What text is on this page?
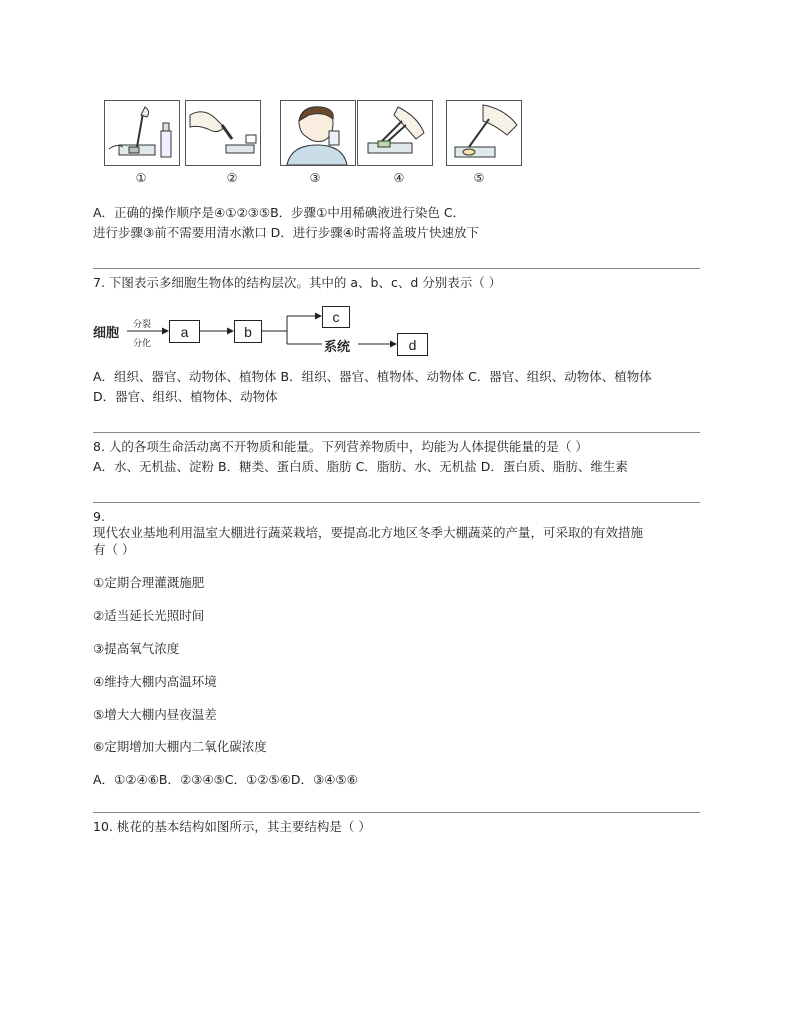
①	②	③	④	⑤
A．正确的操作顺序是④①②③⑤B．步骤①中用稀碘液进行染色 C．
进行步骤③前不需要用清水漱口 D．进行步骤④时需将盖玻片快速放下
7. 下图表示多细胞生物体的结构层次。其中的 a、b、c、d 分别表示（ ）
细胞
分裂
分化
a	b
c
系统	d
A．组织、器官、动物体、植物体 B．组织、器官、植物体、动物体 C．器官、组织、动物体、植物体
D．器官、组织、植物体、动物体
8. 人的各项生命活动离不开物质和能量。下列营养物质中，均能为人体提供能量的是（ ）
A．水、无机盐、淀粉 B．糖类、蛋白质、脂肪 C．脂肪、水、无机盐 D．蛋白质、脂肪、维生素
9.
现代农业基地利用温室大棚进行蔬菜栽培，要提高北方地区冬季大棚蔬菜的产量，可采取的有效措施
有（ ）
①定期合理灌溉施肥
②适当延长光照时间
③提高氧气浓度
④维持大棚内高温环境
⑤增大大棚内昼夜温差
⑥定期增加大棚内二氧化碳浓度
A．①②④⑥B．②③④⑤C．①②⑤⑥D．③④⑤⑥
10. 桃花的基本结构如图所示，其主要结构是（ ）
